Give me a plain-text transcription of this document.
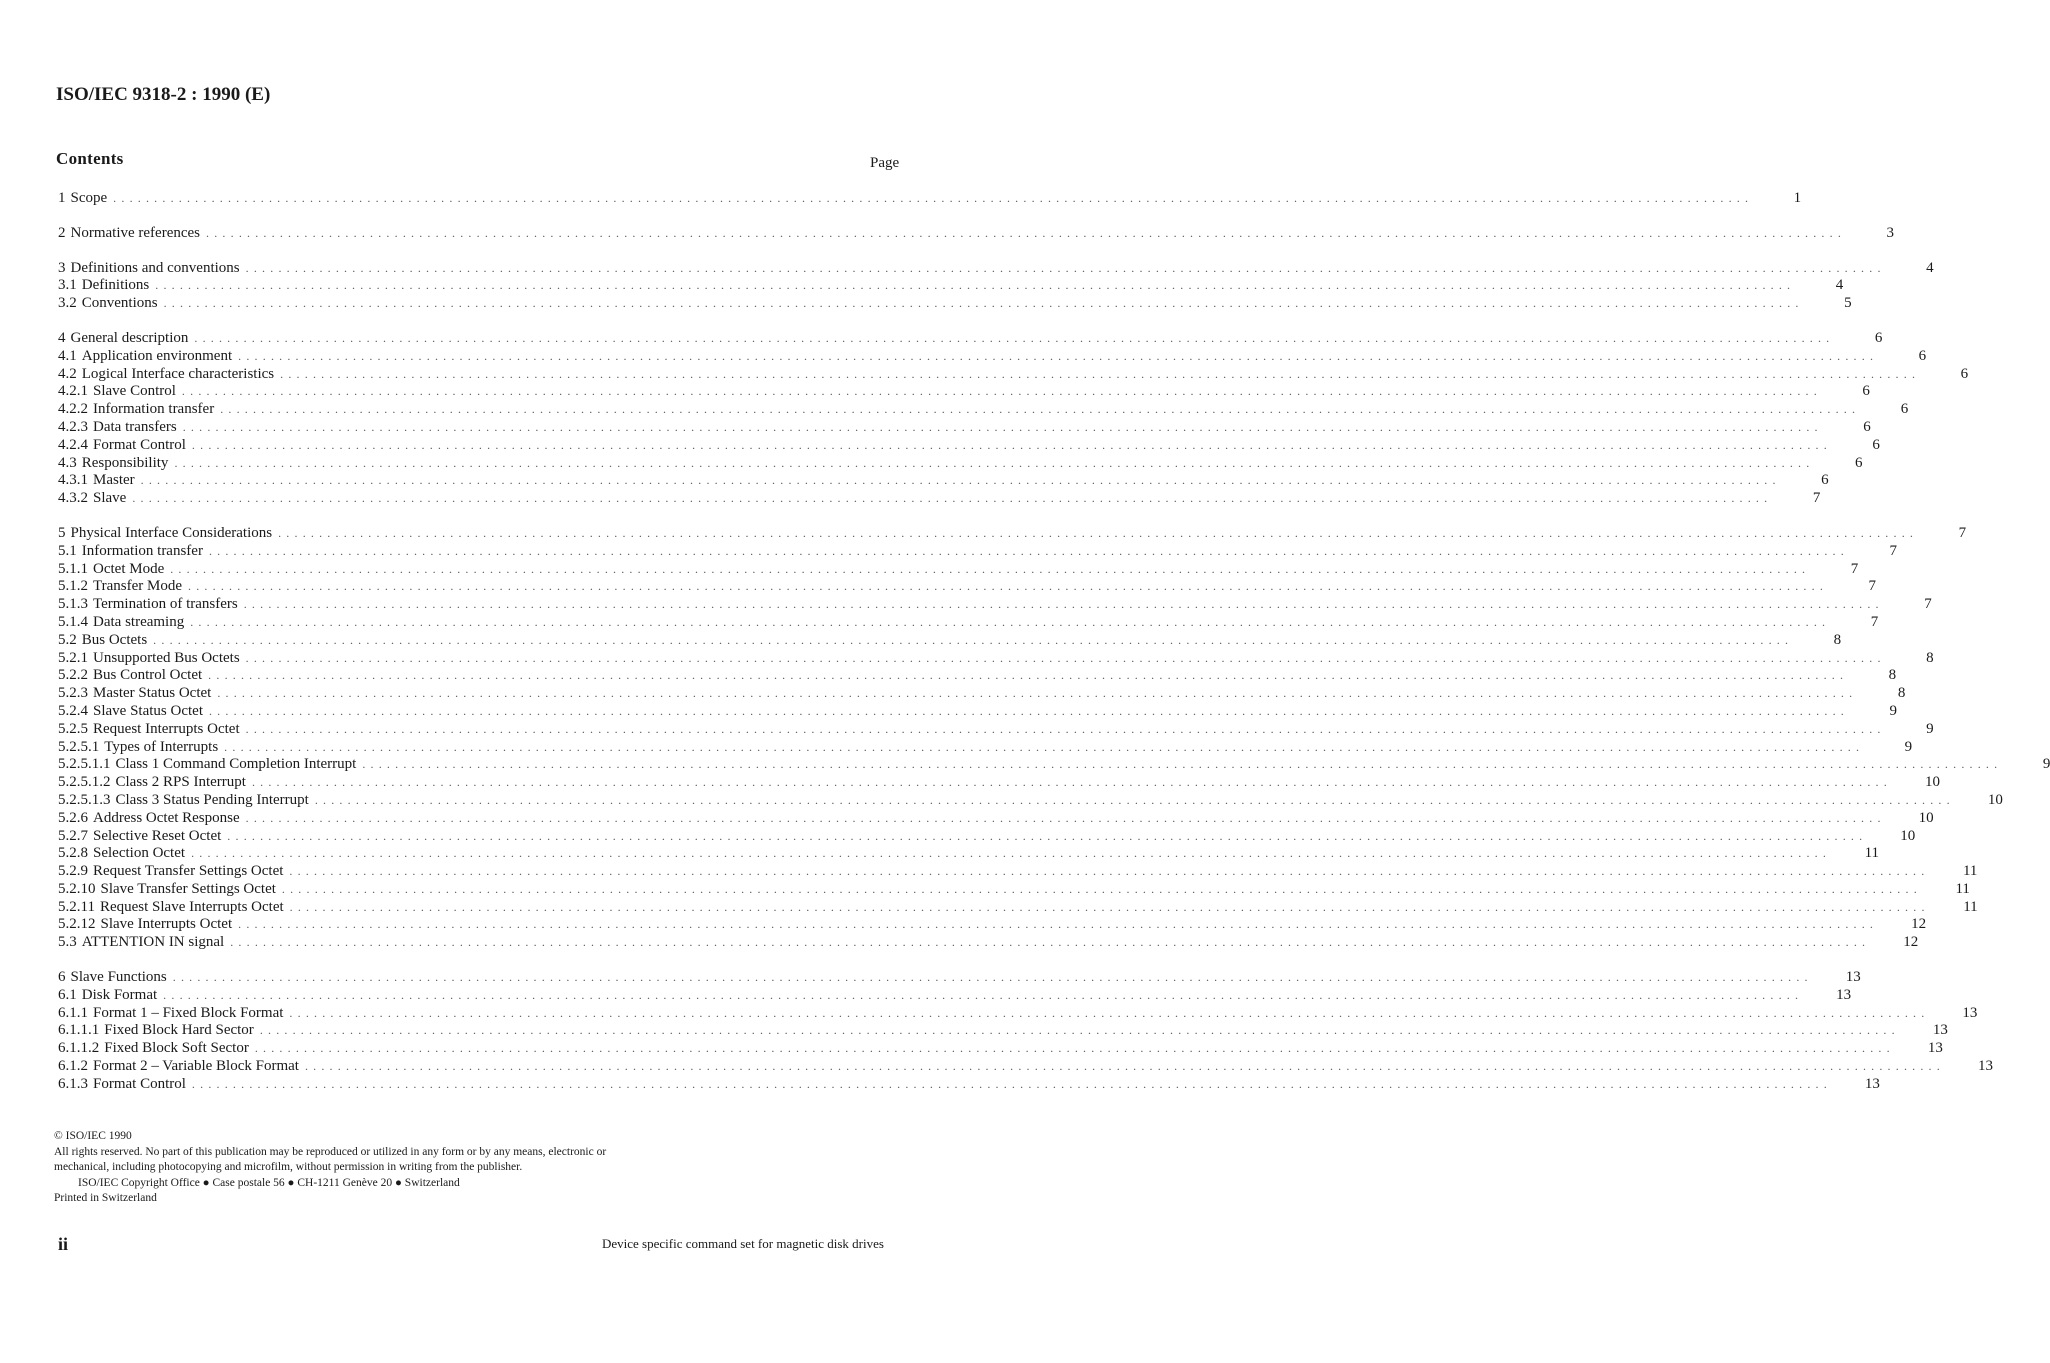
ISO/IEC 9318-2 : 1990 (E)
Contents	Page
1 Scope ........................................................................................................................................................................................................	1
2 Normative references ........................................................................................................................................................................................................	3
3 Definitions and conventions ........................................................................................................................................................................................................	4
3.1 Definitions ........................................................................................................................................................................................................	4
3.2 Conventions ........................................................................................................................................................................................................	5
4 General description ........................................................................................................................................................................................................	6
4.1 Application environment ........................................................................................................................................................................................................	6
4.2 Logical Interface characteristics ........................................................................................................................................................................................................	6
4.2.1 Slave Control ........................................................................................................................................................................................................	6
4.2.2 Information transfer ........................................................................................................................................................................................................	6
4.2.3 Data transfers ........................................................................................................................................................................................................	6
4.2.4 Format Control ........................................................................................................................................................................................................	6
4.3 Responsibility ........................................................................................................................................................................................................	6
4.3.1 Master ........................................................................................................................................................................................................	6
4.3.2 Slave ........................................................................................................................................................................................................	7
5 Physical Interface Considerations ........................................................................................................................................................................................................	7
5.1 Information transfer ........................................................................................................................................................................................................	7
5.1.1 Octet Mode ........................................................................................................................................................................................................	7
5.1.2 Transfer Mode ........................................................................................................................................................................................................	7
5.1.3 Termination of transfers ........................................................................................................................................................................................................	7
5.1.4 Data streaming ........................................................................................................................................................................................................	7
5.2 Bus Octets ........................................................................................................................................................................................................	8
5.2.1 Unsupported Bus Octets ........................................................................................................................................................................................................	8
5.2.2 Bus Control Octet ........................................................................................................................................................................................................	8
5.2.3 Master Status Octet ........................................................................................................................................................................................................	8
5.2.4 Slave Status Octet ........................................................................................................................................................................................................	9
5.2.5 Request Interrupts Octet ........................................................................................................................................................................................................	9
5.2.5.1 Types of Interrupts ........................................................................................................................................................................................................	9
5.2.5.1.1 Class 1 Command Completion Interrupt ........................................................................................................................................................................................................	9
5.2.5.1.2 Class 2 RPS Interrupt ........................................................................................................................................................................................................	10
5.2.5.1.3 Class 3 Status Pending Interrupt ........................................................................................................................................................................................................	10
5.2.6 Address Octet Response ........................................................................................................................................................................................................	10
5.2.7 Selective Reset Octet ........................................................................................................................................................................................................	10
5.2.8 Selection Octet ........................................................................................................................................................................................................	11
5.2.9 Request Transfer Settings Octet ........................................................................................................................................................................................................	11
5.2.10 Slave Transfer Settings Octet ........................................................................................................................................................................................................	11
5.2.11 Request Slave Interrupts Octet ........................................................................................................................................................................................................	11
5.2.12 Slave Interrupts Octet ........................................................................................................................................................................................................	12
5.3 ATTENTION IN signal ........................................................................................................................................................................................................	12
6 Slave Functions ........................................................................................................................................................................................................	13
6.1 Disk Format ........................................................................................................................................................................................................	13
6.1.1 Format 1 – Fixed Block Format ........................................................................................................................................................................................................	13
6.1.1.1 Fixed Block Hard Sector ........................................................................................................................................................................................................	13
6.1.1.2 Fixed Block Soft Sector ........................................................................................................................................................................................................	13
6.1.2 Format 2 – Variable Block Format ........................................................................................................................................................................................................	13
6.1.3 Format Control ........................................................................................................................................................................................................	13
© ISO/IEC 1990
All rights reserved. No part of this publication may be reproduced or utilized in any form or by any means, electronic or
mechanical, including photocopying and microfilm, without permission in writing from the publisher.
ISO/IEC Copyright Office ● Case postale 56 ● CH-1211 Genève 20 ● Switzerland
Printed in Switzerland
ii	Device specific command set for magnetic disk drives
